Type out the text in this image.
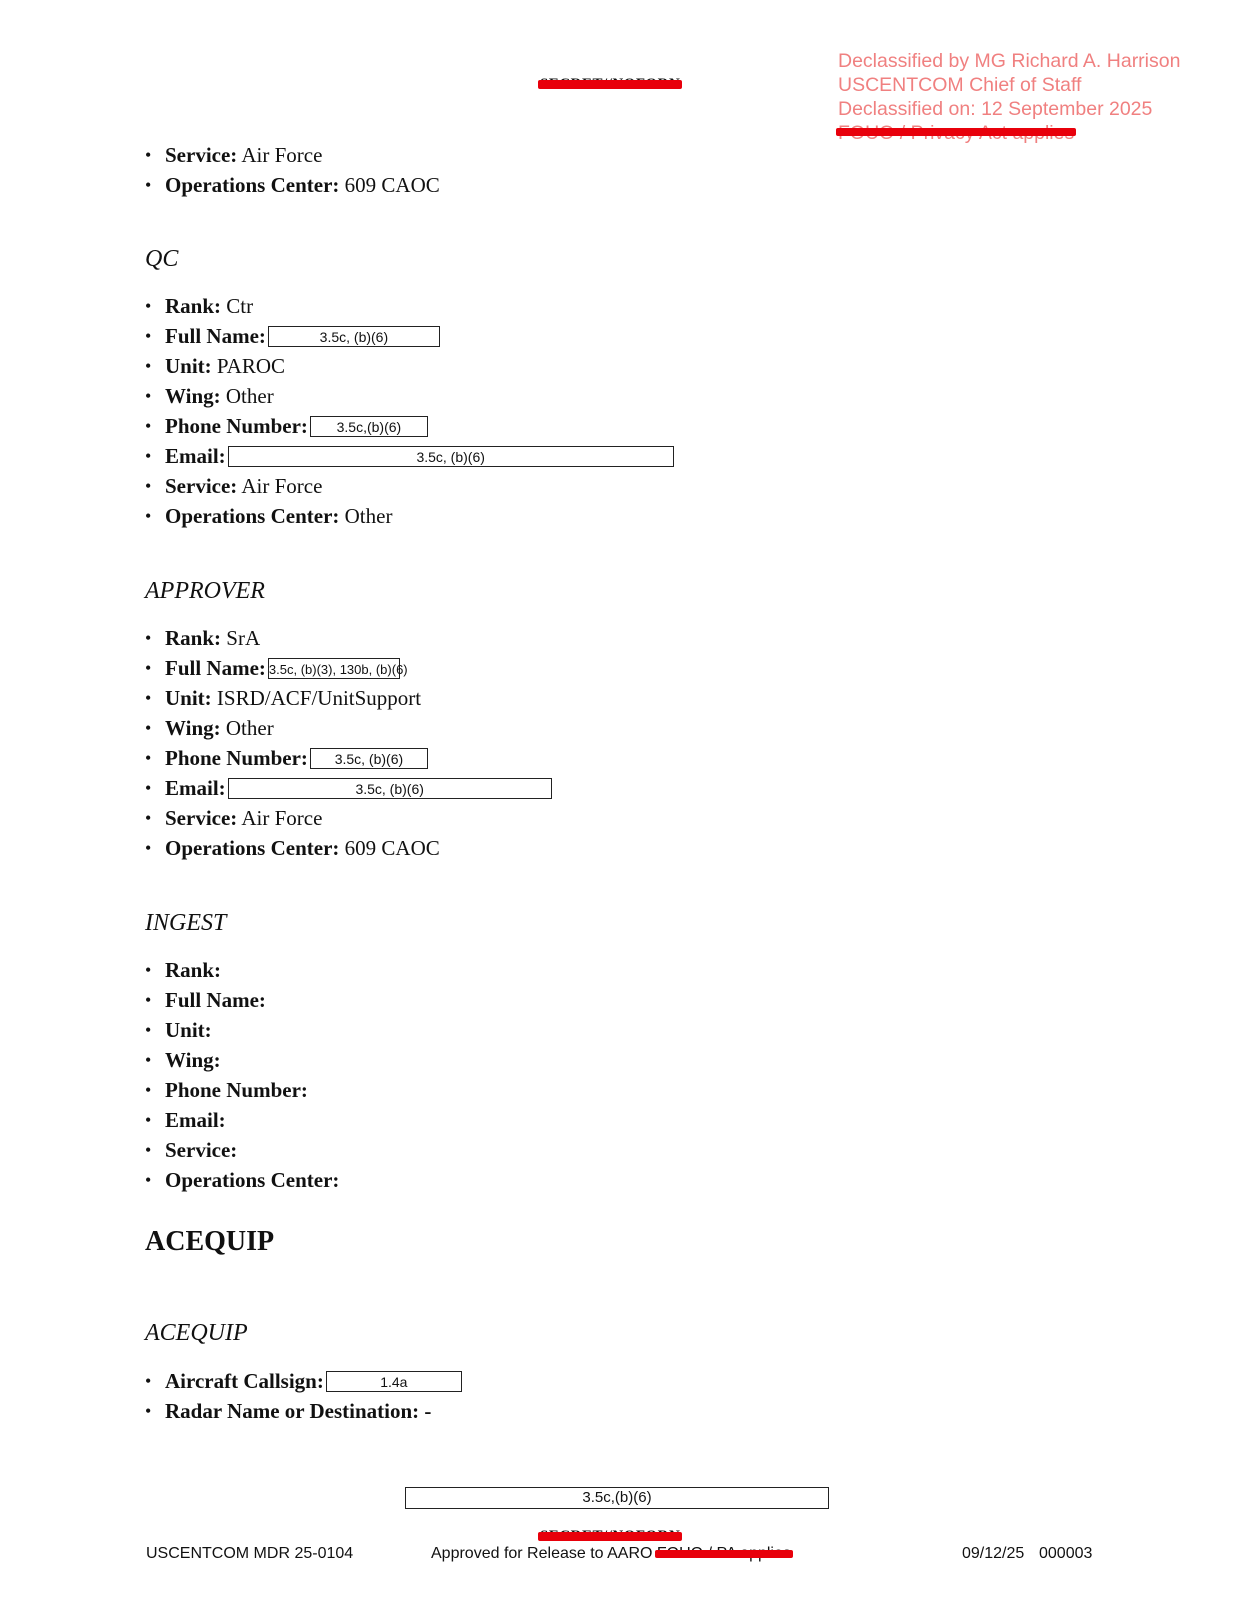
Declassified by MG Richard A. Harrison
USCENTCOM Chief of Staff
Declassified on: 12 September 2025
• Service: Air Force
• Operations Center: 609 CAOC
QC
• Rank: Ctr
• Full Name:	3.5c, (b)(6)
• Unit: PAROC
• Wing: Other
• Phone Number: 3.5c,(b)(6)
• Email:	3.5c, (b)(6)
• Service: Air Force
• Operations Center: Other
APPROVER
• Rank: SrA
• Full Name: 3.5c, (b)(3), 130b, (b)(6)
• Unit: ISRD/ACF/UnitSupport
• Wing: Other
• Phone Number: 3.5c, (b)(6)
• Email:	3.5c, (b)(6)
• Service: Air Force
• Operations Center: 609 CAOC
INGEST
• Rank:
• Full Name:
• Unit:
• Wing:
• Phone Number:
• Email:
• Service:
• Operations Center:
ACEQUIP
ACEQUIP
• Aircraft Callsign:	1.4a
• Radar Name or Destination: -
3.5c,(b)(6)
USCENTCOM MDR 25-0104	Approved for Release to AARO	09/12/25 000003
